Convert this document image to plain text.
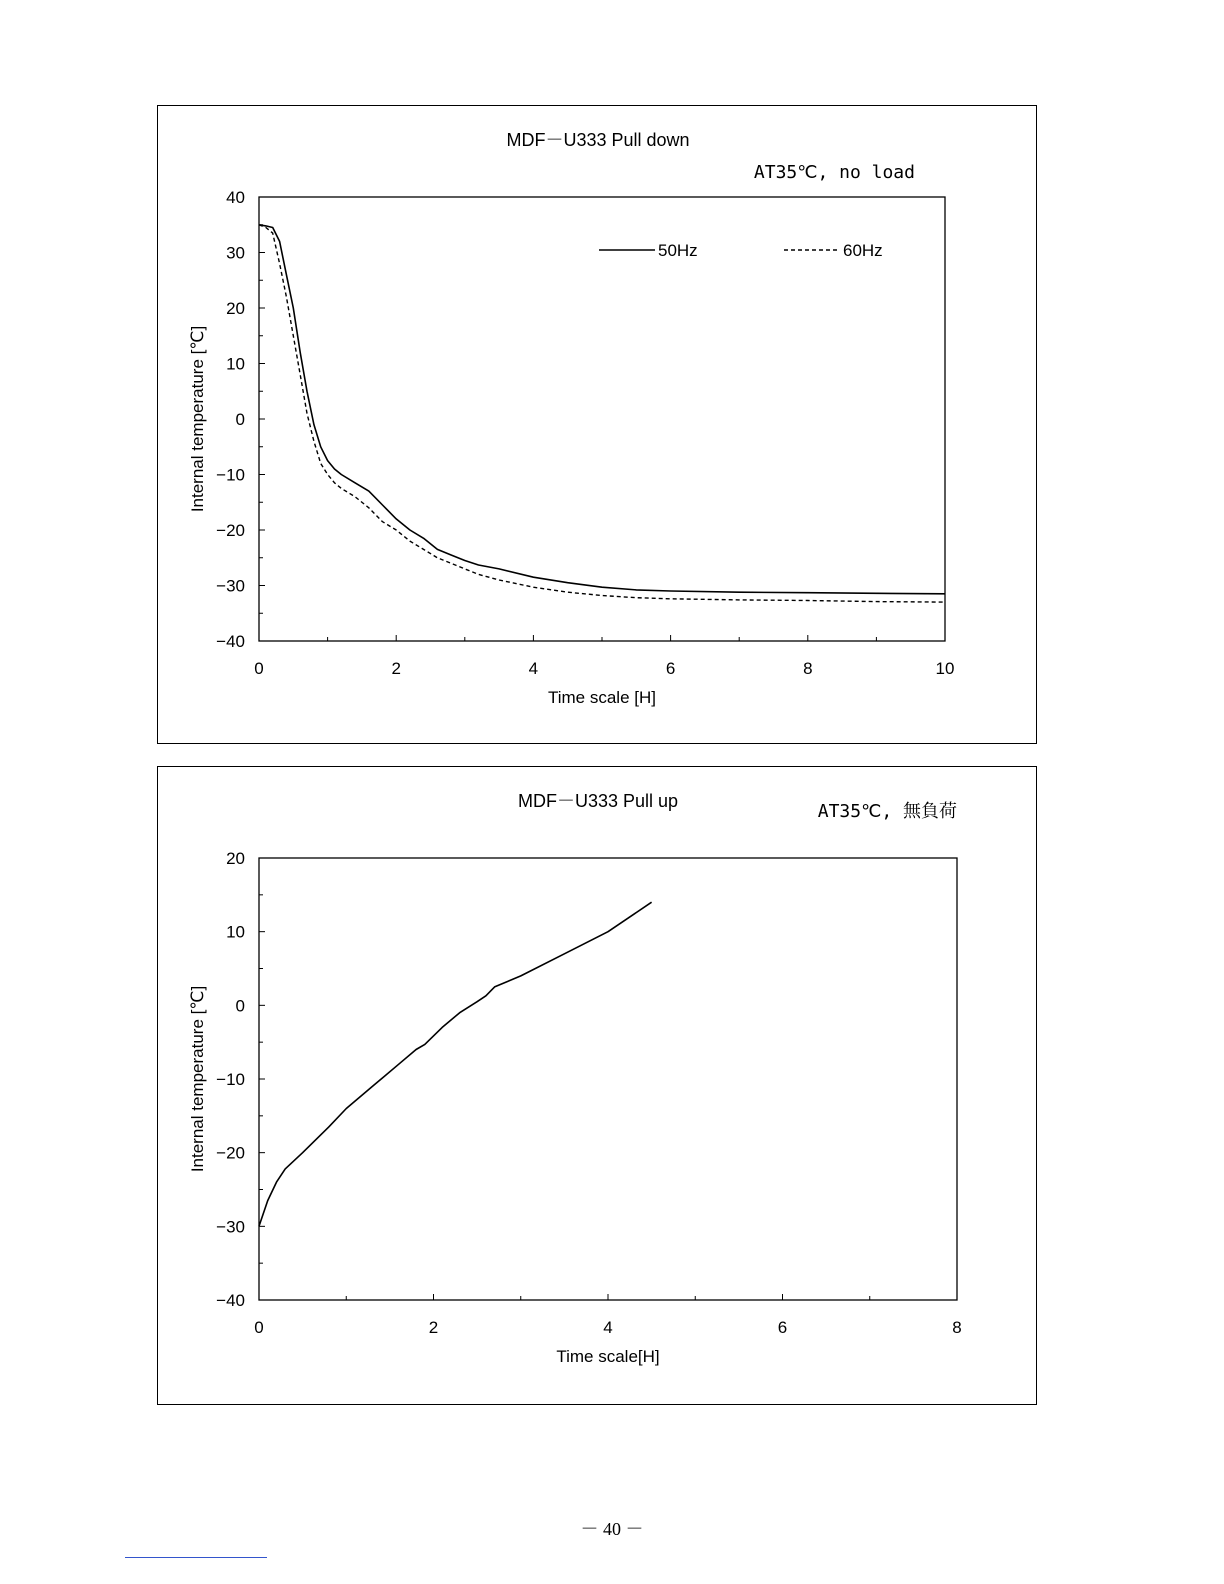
MDF－U333 Pull down
AT35℃, no load
−40
−30
−20
−10
0
10
20
30
40
0	2	4	6	8	10
Time scale [H]
Internal temperature [℃]
50Hz	60Hz
MDF－U333 Pull up	AT35℃, 無負荷
−40
−30
−20
−10
0
10
20
0	2	4	6	8
Time scale[H]
Internal temperature [℃]
－ 40 －
